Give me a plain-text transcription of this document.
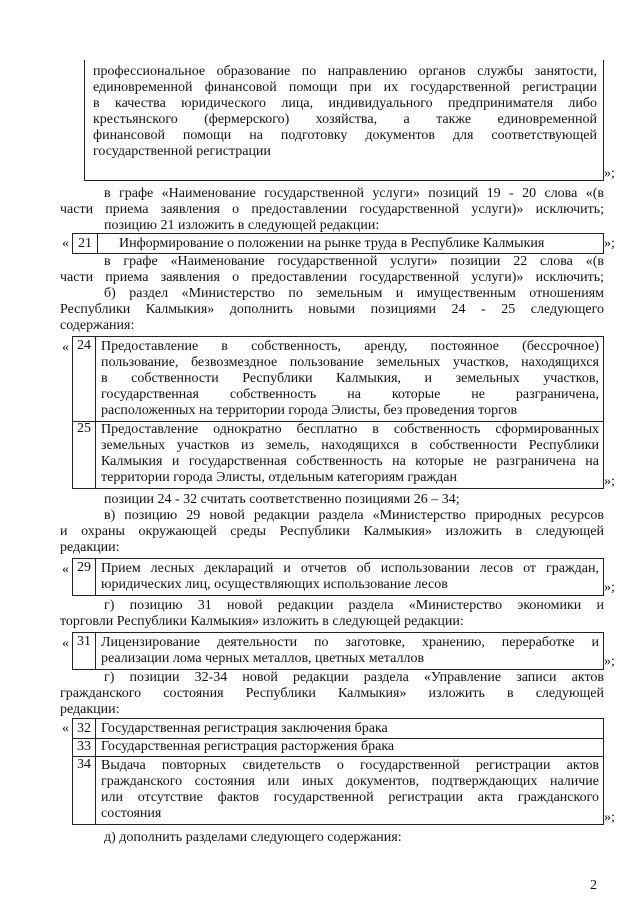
профессиональное образование по направлению органов службы занятости,
единовременной финансовой помощи при их государственной регистрации
в качества юридического лица, индивидуального предпринимателя либо
крестьянского (фермерского) хозяйства, а также единовременной
финансовой помощи на подготовку документов для соответствующей
государственной регистрации
»;
в графе «Наименование государственной услуги» позиций 19 - 20 слова «(в
части приема заявления о предоставлении государственной услуги)» исключить;
позицию 21 изложить в следующей редакции:
« 21	Информирование о положении на рынке труда в Республике Калмыкия	»;
в графе «Наименование государственной услуги» позиции 22 слова «(в
части приема заявления о предоставлении государственной услуги)» исключить;
б) раздел «Министерство по земельным и имущественным отношениям
Республики Калмыкия» дополнить новыми позициями 24 - 25 следующего
содержания:
« 24 Предоставление в собственность, аренду, постоянное (бессрочное)
пользование, безвозмездное пользование земельных участков, находящихся
в собственности Республики Калмыкия, и земельных участков,
государственная собственность на которые не разграничена,
расположенных на территории города Элисты, без проведения торгов
25 Предоставление однократно бесплатно в собственность сформированных
земельных участков из земель, находящихся в собственности Республики
Калмыкия и государственная собственность на которые не разграничена на
территории города Элисты, отдельным категориям граждан	»;
позиции 24 - 32 считать соответственно позициями 26 – 34;
в) позицию 29 новой редакции раздела «Министерство природных ресурсов
и охраны окружающей среды Республики Калмыкия» изложить в следующей
редакции:
« 29 Прием лесных деклараций и отчетов об использовании лесов от граждан,
юридических лиц, осуществляющих использование лесов	»;
г) позицию 31 новой редакции раздела «Министерство экономики и
торговли Республики Калмыкия» изложить в следующей редакции:
« 31 Лицензирование деятельности по заготовке, хранению, переработке и
реализации лома черных металлов, цветных металлов	»;
г) позиции 32-34 новой редакции раздела «Управление записи актов
гражданского состояния Республики Калмыкия» изложить в следующей
редакции:
« 32 Государственная регистрация заключения брака
33 Государственная регистрация расторжения брака
34 Выдача повторных свидетельств о государственной регистрации актов
гражданского состояния или иных документов, подтверждающих наличие
или отсутствие фактов государственной регистрации акта гражданского
состояния	»;
д) дополнить разделами следующего содержания:
2
